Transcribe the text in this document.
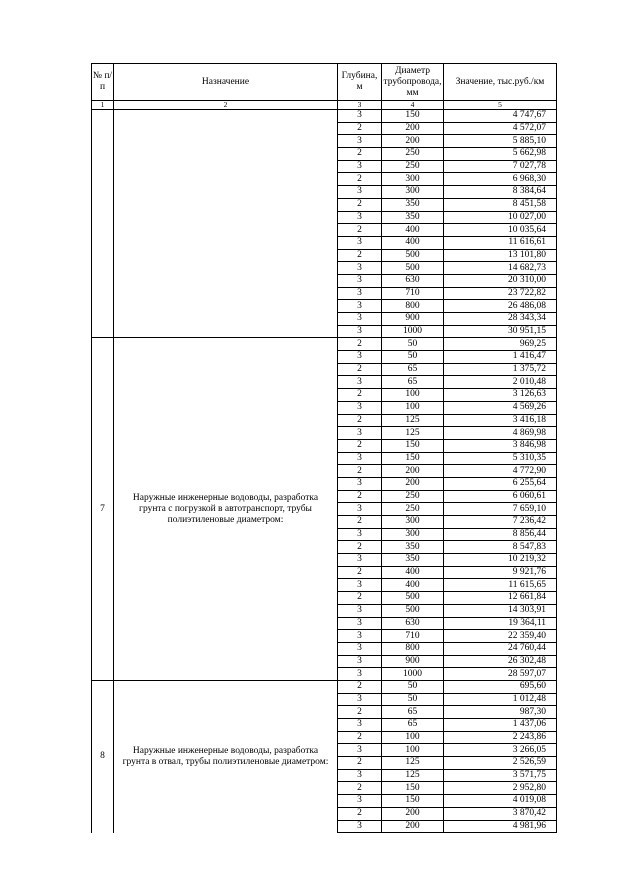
№ п/п	Назначение	Глубина, м	Диаметр трубопровода, мм	Значение, тыс.руб./км
1	2	3	4	5
		3	150	4 747,67
		2	200	4 572,07
		3	200	5 885,10
		2	250	5 662,98
		3	250	7 027,78
		2	300	6 968,30
		3	300	8 384,64
		2	350	8 451,58
		3	350	10 027,00
		2	400	10 035,64
		3	400	11 616,61
		2	500	13 101,80
		3	500	14 682,73
		3	630	20 310,00
		3	710	23 722,82
		3	800	26 486,08
		3	900	28 343,34
		3	1000	30 951,15
7	Наружные инженерные водоводы, разработка грунта с погрузкой в автотранспорт, трубы полиэтиленовые диаметром:	2	50	969,25
		3	50	1 416,47
		2	65	1 375,72
		3	65	2 010,48
		2	100	3 126,63
		3	100	4 569,26
		2	125	3 416,18
		3	125	4 869,98
		2	150	3 846,98
		3	150	5 310,35
		2	200	4 772,90
		3	200	6 255,64
		2	250	6 060,61
		3	250	7 659,10
		2	300	7 236,42
		3	300	8 856,44
		2	350	8 547,83
		3	350	10 219,32
		2	400	9 921,76
		3	400	11 615,65
		2	500	12 661,84
		3	500	14 303,91
		3	630	19 364,11
		3	710	22 359,40
		3	800	24 760,44
		3	900	26 302,48
		3	1000	28 597,07
8	Наружные инженерные водоводы, разработка грунта в отвал, трубы полиэтиленовые диаметром:	2	50	695,60
		3	50	1 012,48
		2	65	987,30
		3	65	1 437,06
		2	100	2 243,86
		3	100	3 266,05
		2	125	2 526,59
		3	125	3 571,75
		2	150	2 952,80
		3	150	4 019,08
		2	200	3 870,42
		3	200	4 981,96
